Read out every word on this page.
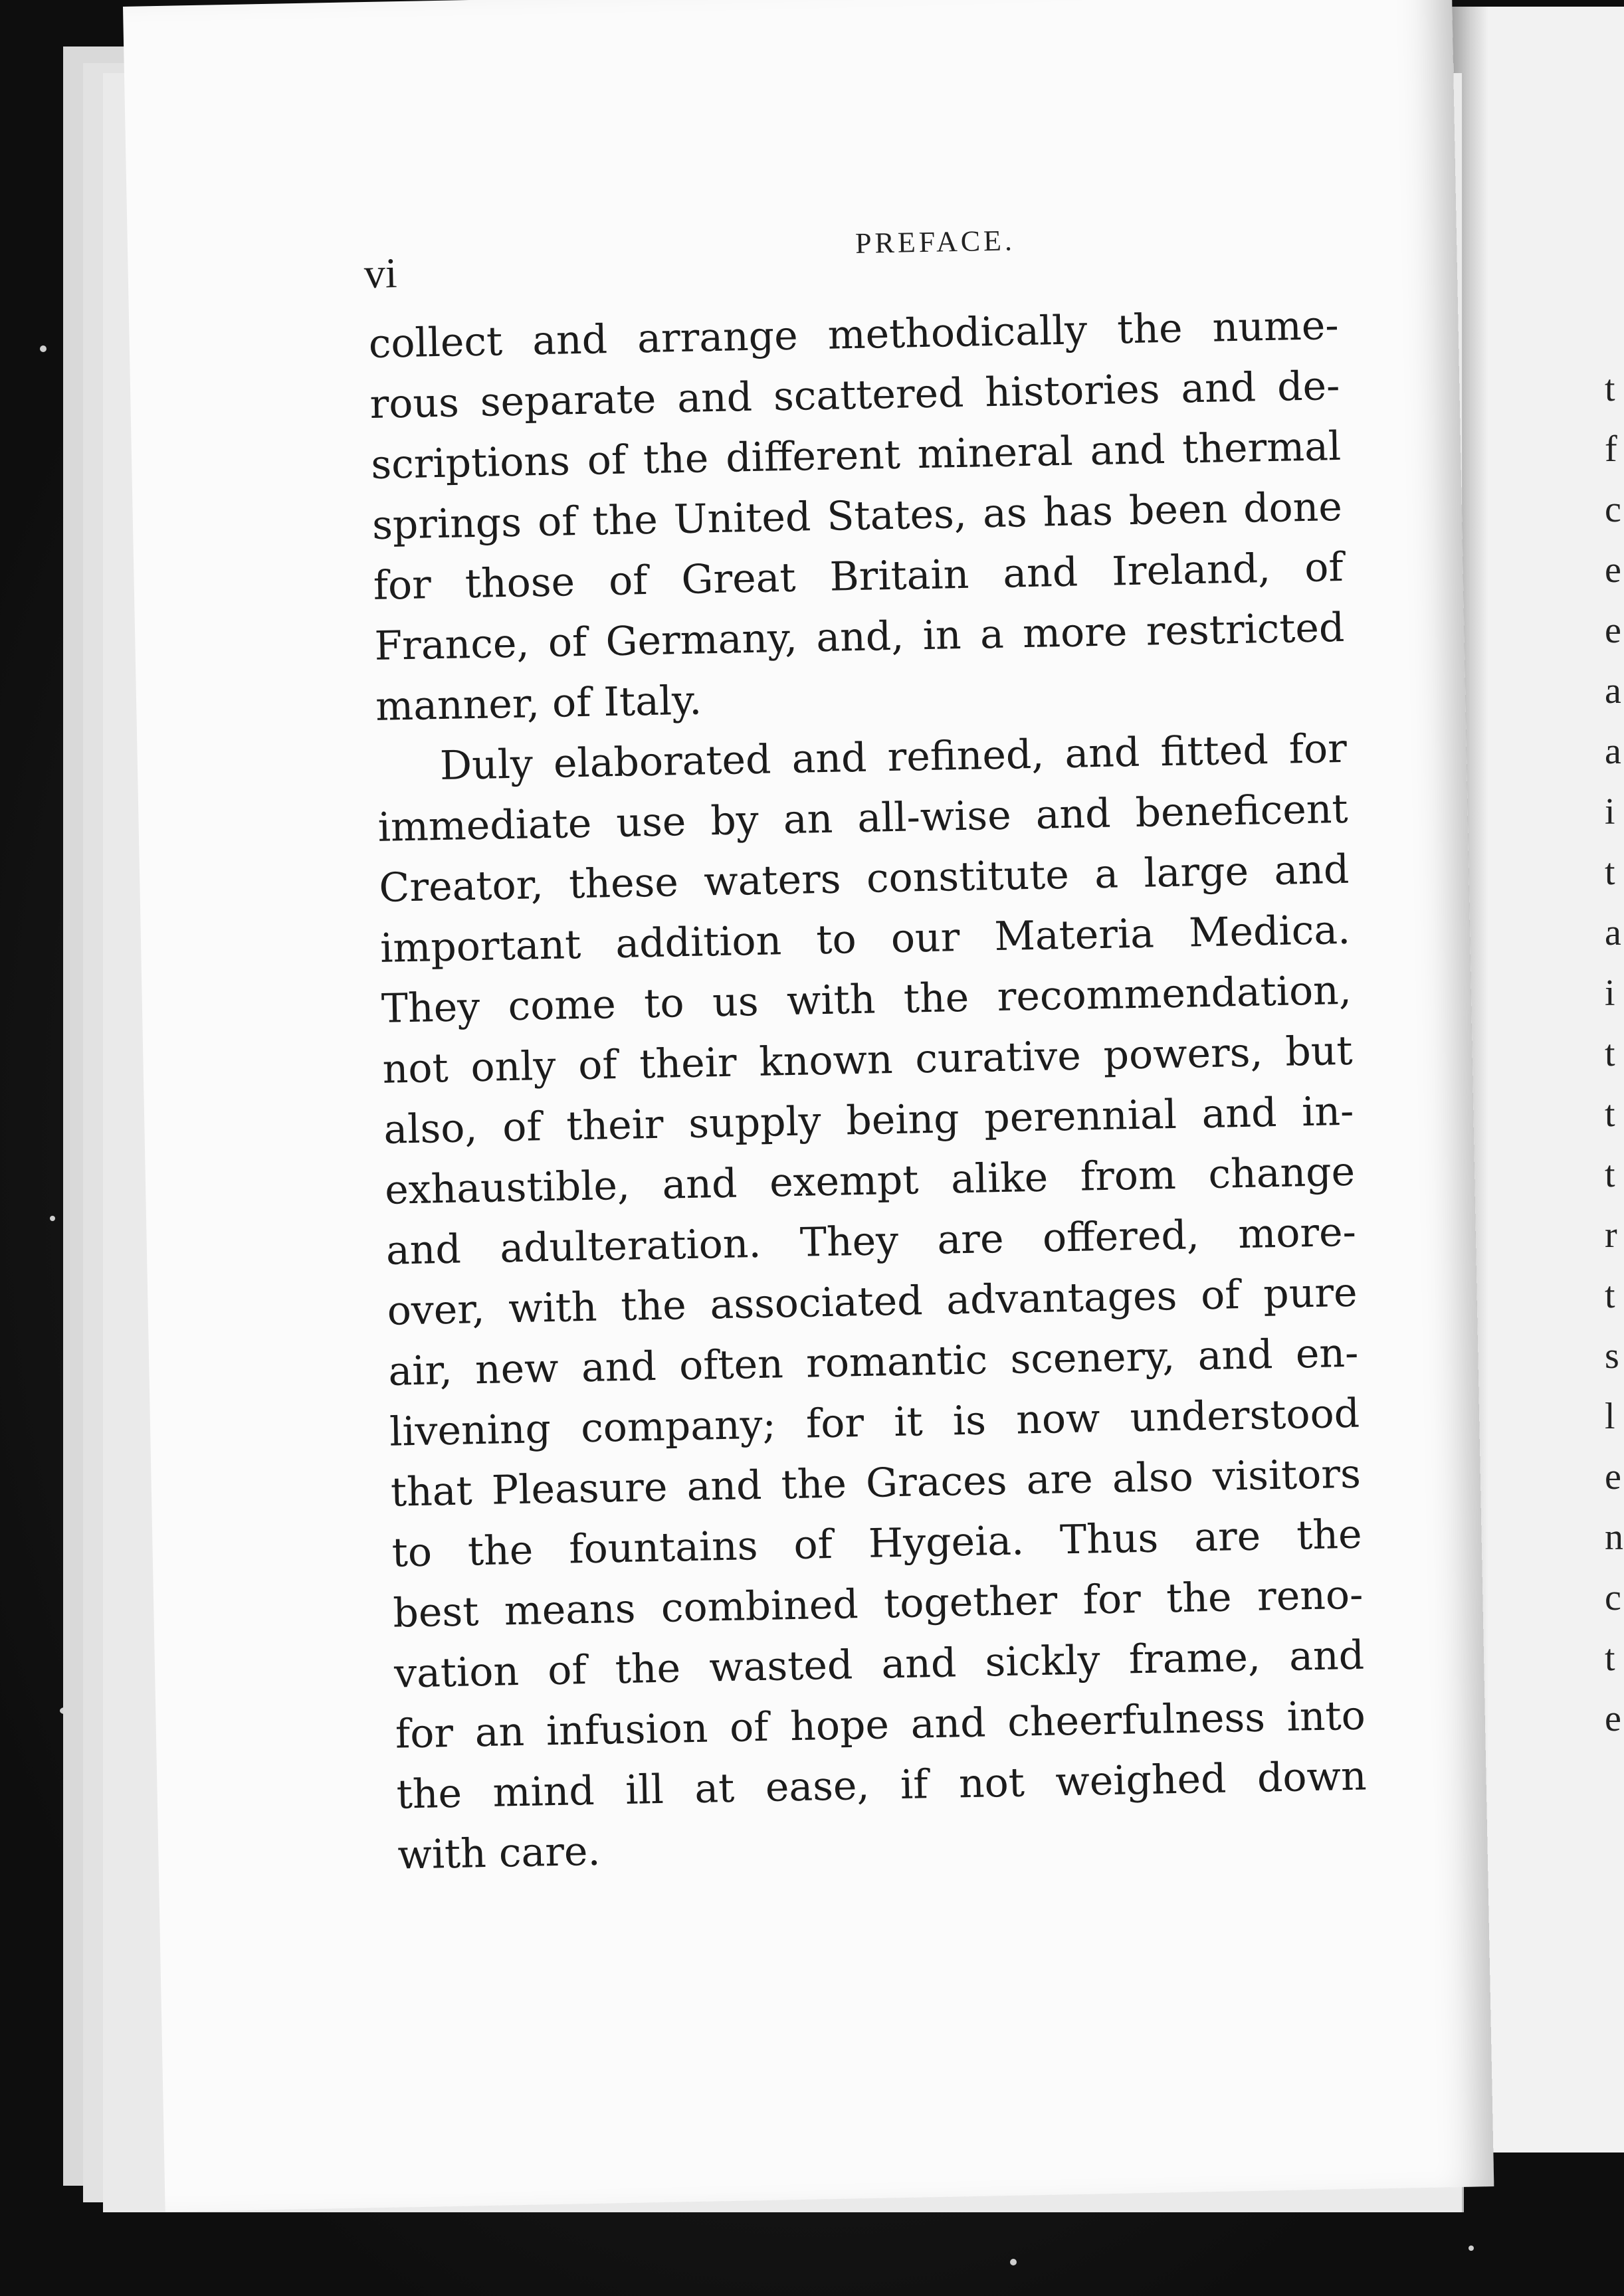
t
f
c
e
e
a
a
i
t
a
i
t
t
t
r
t
s
l
e
n
c
t
e
vi
PREFACE.
collect and arrange methodically the nume-
rous separate and scattered histories and de-
scriptions of the different mineral and thermal
springs of the United States, as has been done
for those of Great Britain and Ireland, of
France, of Germany, and, in a more restricted
manner, of Italy.
Duly elaborated and refined, and fitted for
immediate use by an all-wise and beneficent
Creator, these waters constitute a large and
important addition to our Materia Medica.
They come to us with the recommendation,
not only of their known curative powers, but
also, of their supply being perennial and in-
exhaustible, and exempt alike from change
and adulteration. They are offered, more-
over, with the associated advantages of pure
air, new and often romantic scenery, and en-
livening company; for it is now understood
that Pleasure and the Graces are also visitors
to the fountains of Hygeia. Thus are the
best means combined together for the reno-
vation of the wasted and sickly frame, and
for an infusion of hope and cheerfulness into
the mind ill at ease, if not weighed down
with care.
